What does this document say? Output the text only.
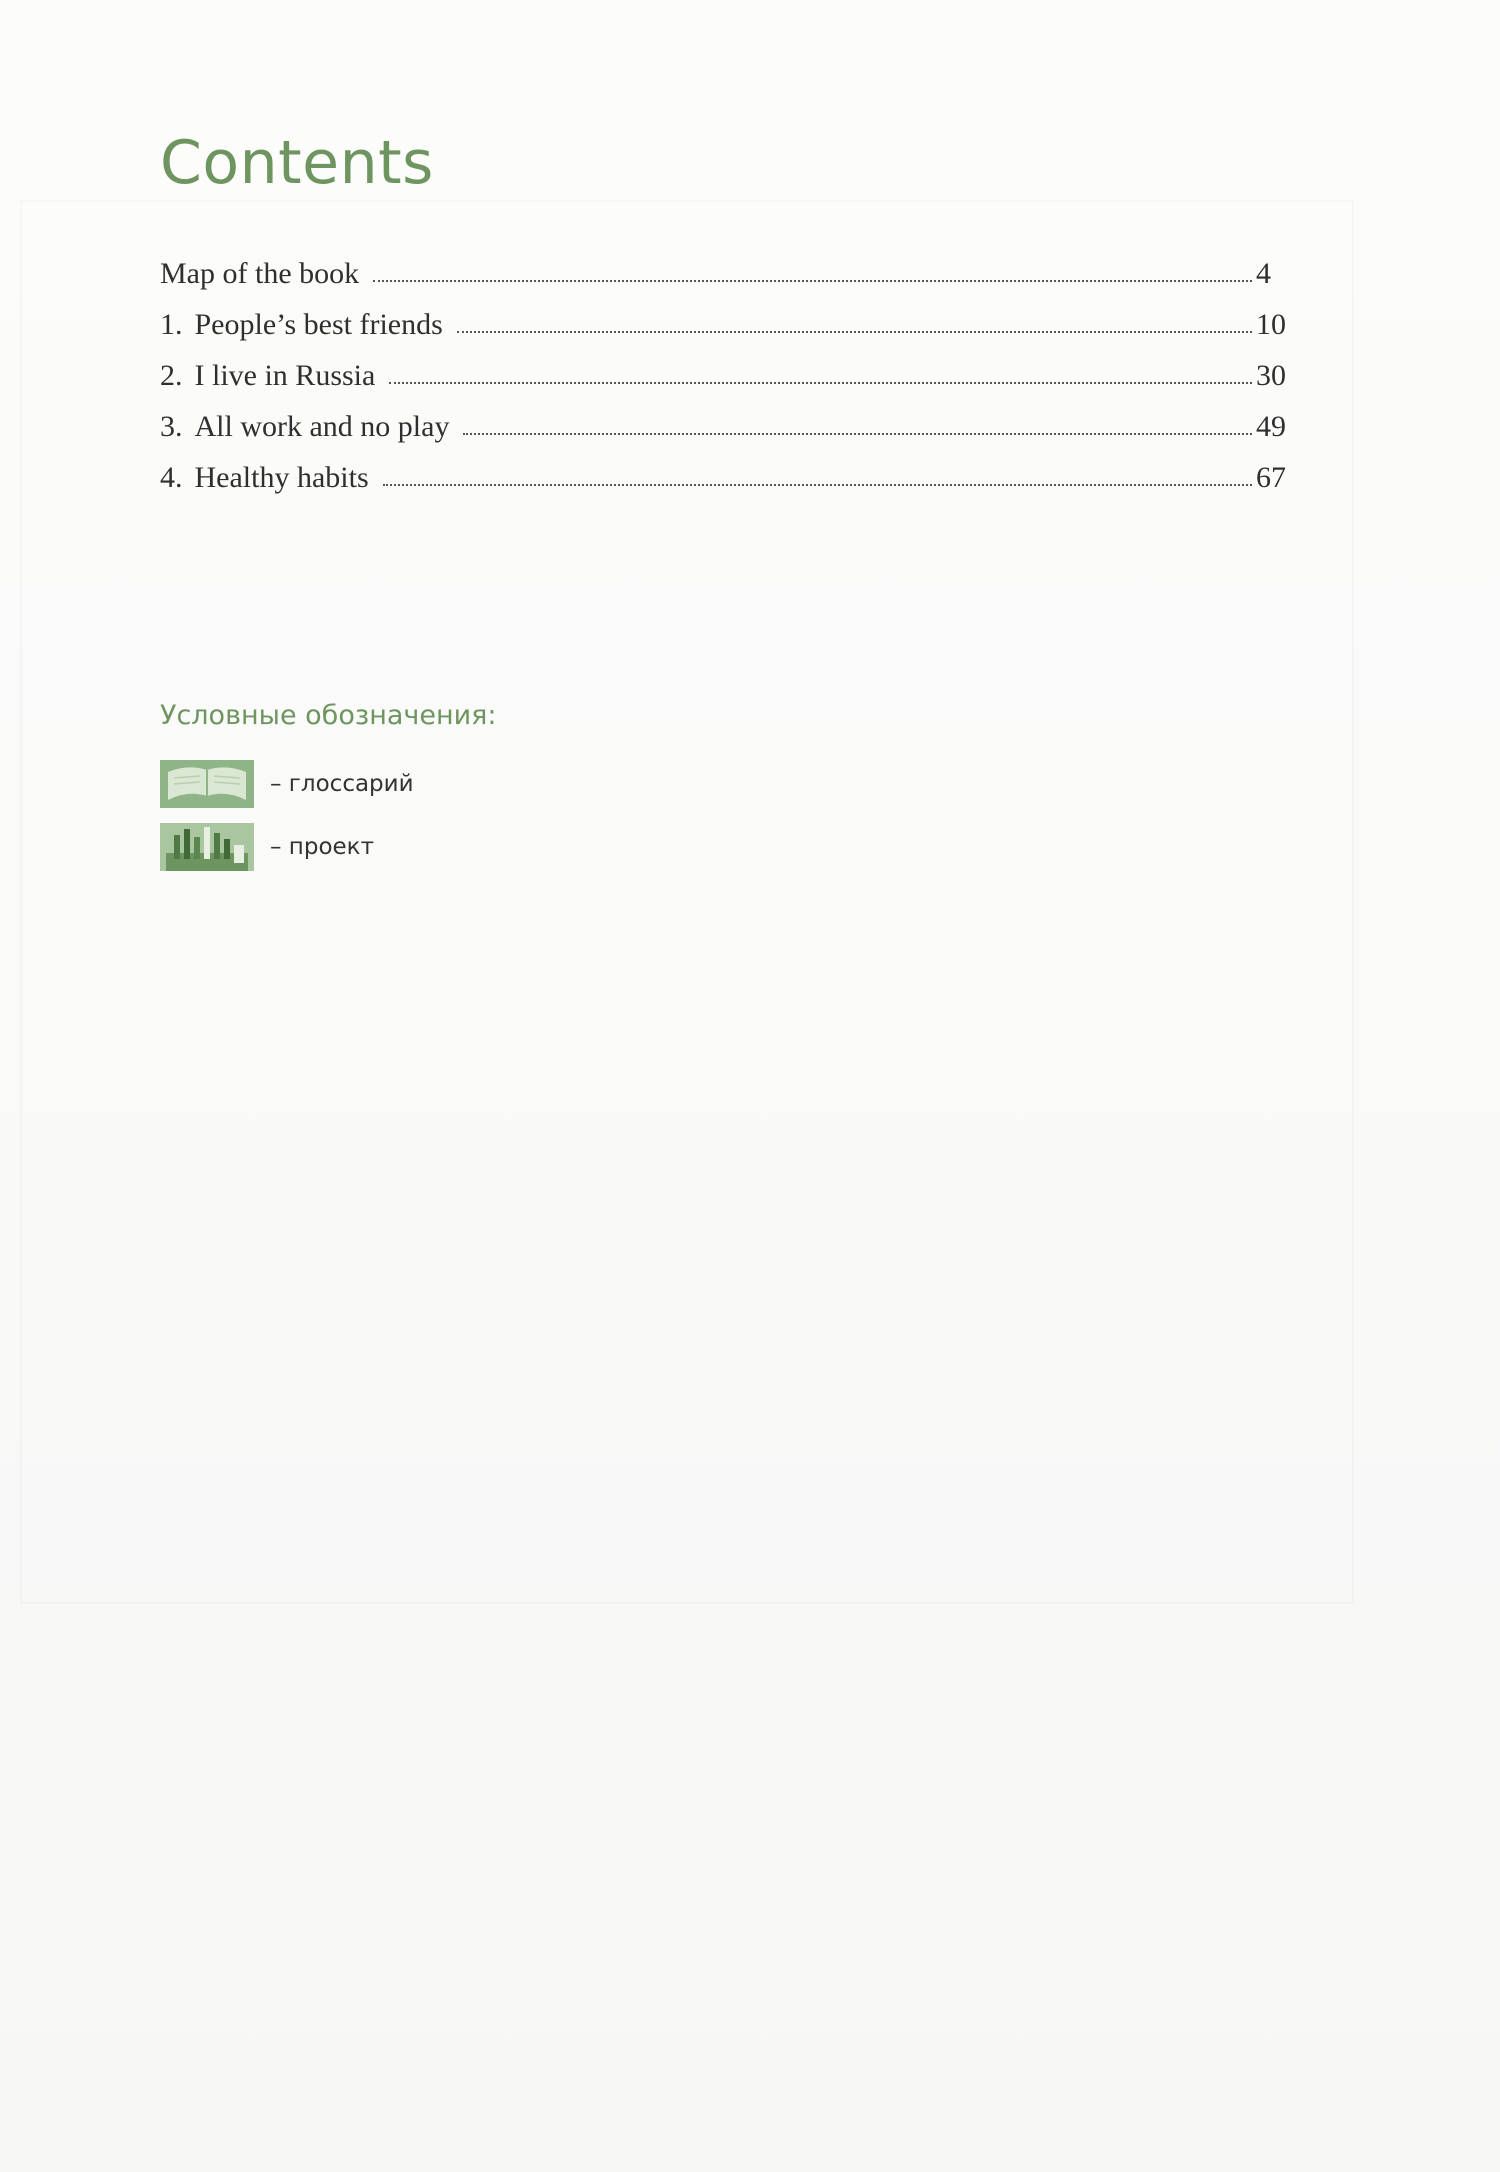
Contents
Map of the book	4
1. People’s best friends	10
2. I live in Russia	30
3. All work and no play	49
4. Healthy habits	67
Условные обозначения:
– глоссарий
– проект
